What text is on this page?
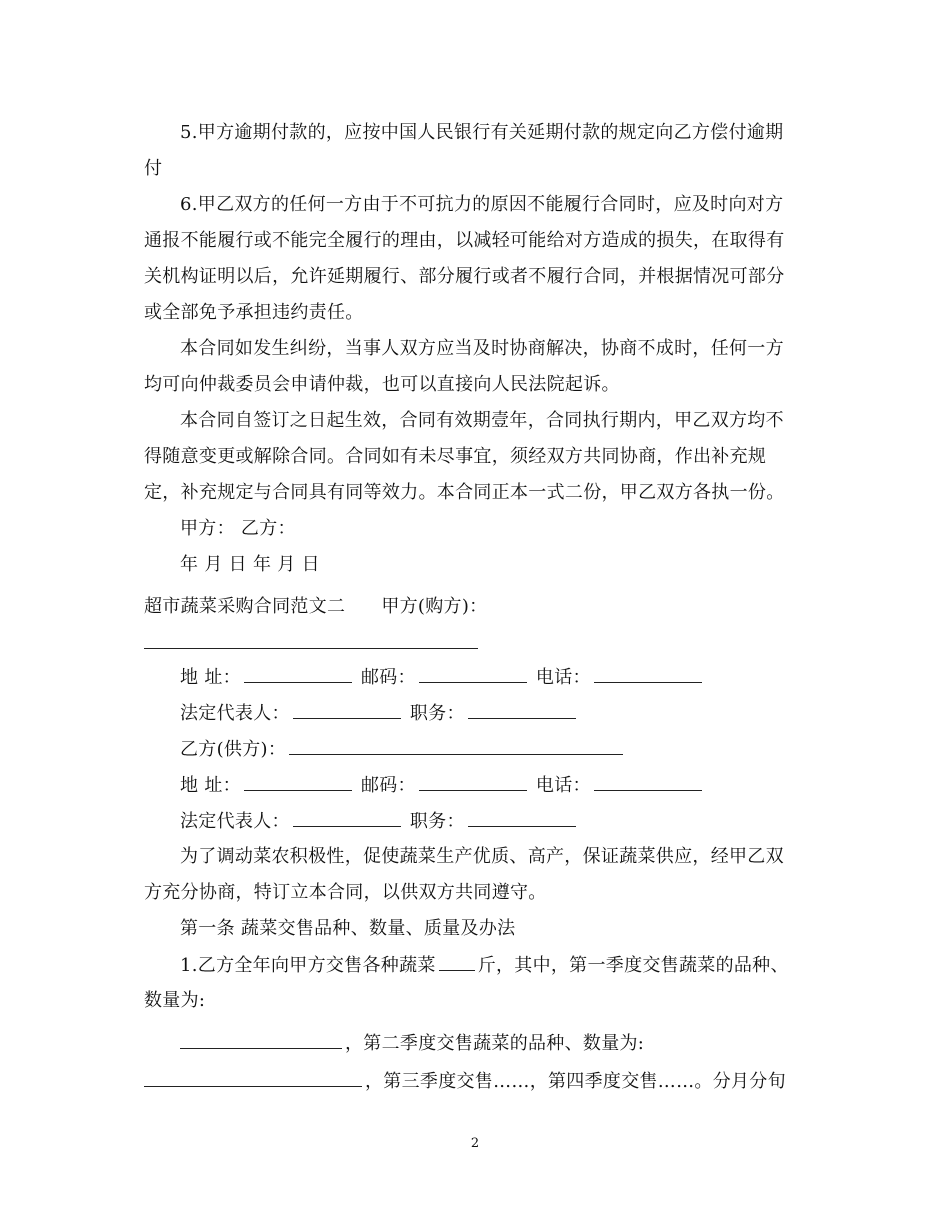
5.甲方逾期付款的，应按中国人民银行有关延期付款的规定向乙方偿付逾期
付
6.甲乙双方的任何一方由于不可抗力的原因不能履行合同时，应及时向对方
通报不能履行或不能完全履行的理由，以减轻可能给对方造成的损失，在取得有
关机构证明以后，允许延期履行、部分履行或者不履行合同，并根据情况可部分
或全部免予承担违约责任。
本合同如发生纠纷，当事人双方应当及时协商解决，协商不成时，任何一方
均可向仲裁委员会申请仲裁，也可以直接向人民法院起诉。
本合同自签订之日起生效，合同有效期壹年，合同执行期内，甲乙双方均不
得随意变更或解除合同。合同如有未尽事宜，须经双方共同协商，作出补充规
定，补充规定与合同具有同等效力。本合同正本一式二份，甲乙双方各执一份。
甲方： 乙方：
年 月 日 年 月 日
超市蔬菜采购合同范文二 甲方(购方)：
地 址：	邮码：	电话：
法定代表人：	职务：
乙方(供方)：
地 址：	邮码：	电话：
法定代表人：	职务：
为了调动菜农积极性，促使蔬菜生产优质、高产，保证蔬菜供应，经甲乙双
方充分协商，特订立本合同，以供双方共同遵守。
第一条 蔬菜交售品种、数量、质量及办法
1.乙方全年向甲方交售各种蔬菜 斤，其中，第一季度交售蔬菜的品种、
数量为:
，第二季度交售蔬菜的品种、数量为:
，第三季度交售……，第四季度交售……。分月分旬
2
